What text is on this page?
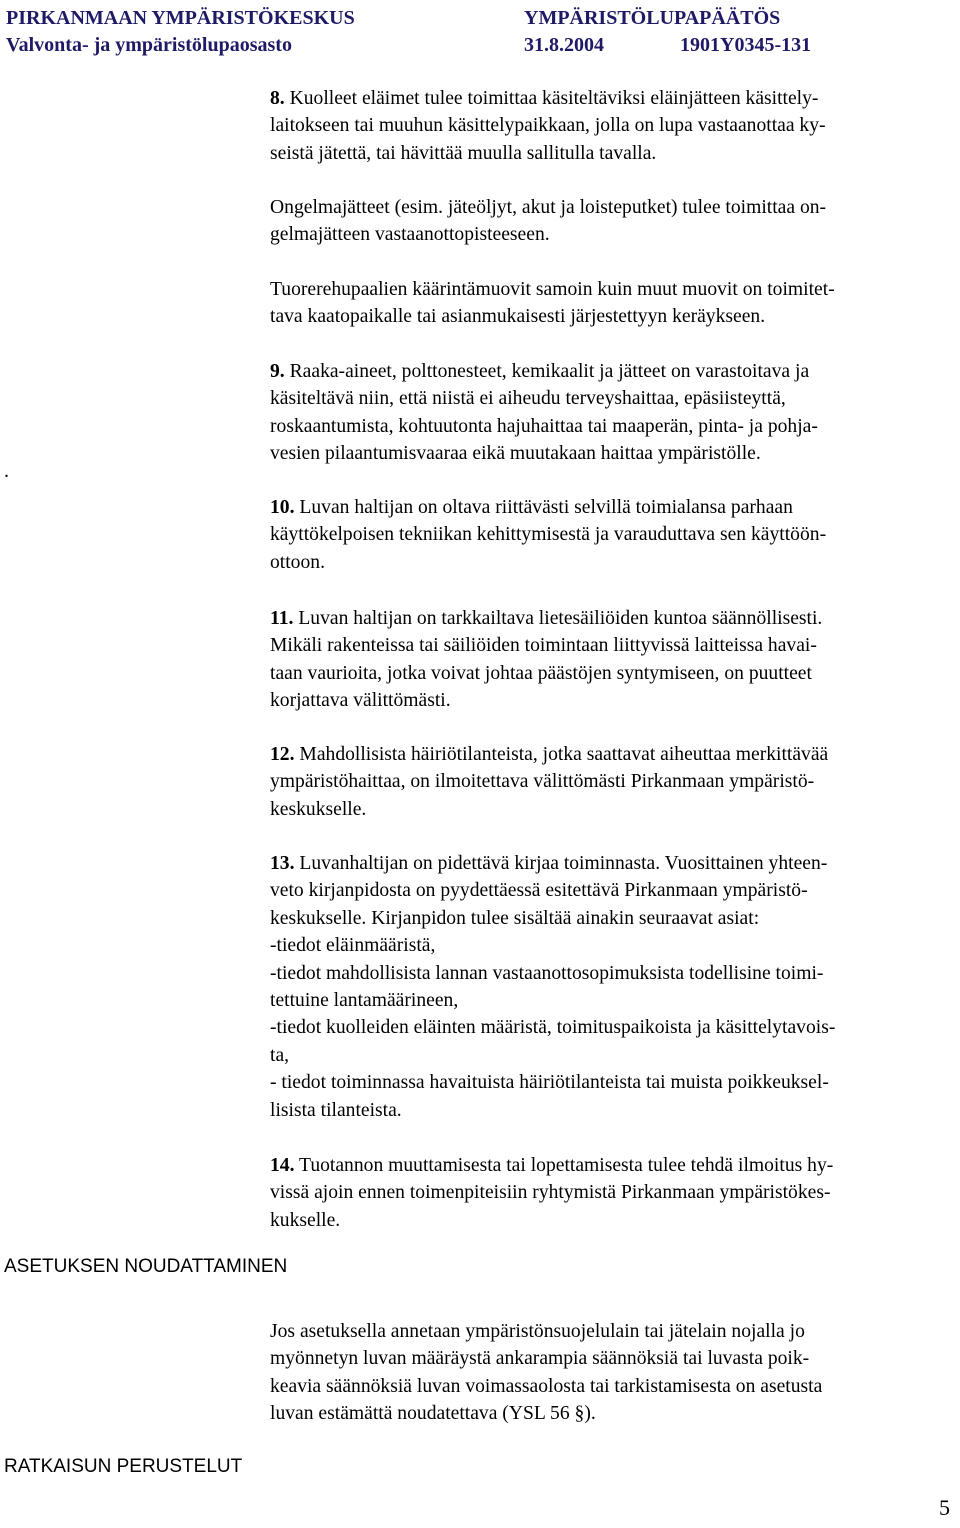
PIRKANMAAN YMPÄRISTÖKESKUS	YMPÄRISTÖLUPAPÄÄTÖS
Valvonta- ja ympäristölupaosasto	31.8.2004	1901Y0345-131
8. Kuolleet eläimet tulee toimittaa käsiteltäviksi eläinjätteen käsittely-
laitokseen tai muuhun käsittelypaikkaan, jolla on lupa vastaanottaa ky-
seistä jätettä, tai hävittää muulla sallitulla tavalla.
Ongelmajätteet (esim. jäteöljyt, akut ja loisteputket) tulee toimittaa on-
gelmajätteen vastaanottopisteeseen.
Tuorerehupaalien käärintämuovit samoin kuin muut muovit on toimitet-
tava kaatopaikalle tai asianmukaisesti järjestettyyn keräykseen.
9. Raaka-aineet, polttonesteet, kemikaalit ja jätteet on varastoitava ja
käsiteltävä niin, että niistä ei aiheudu terveyshaittaa, epäsiisteyttä,
roskaantumista, kohtuutonta hajuhaittaa tai maaperän, pinta- ja pohja-
vesien pilaantumisvaaraa eikä muutakaan haittaa ympäristölle.
10. Luvan haltijan on oltava riittävästi selvillä toimialansa parhaan
käyttökelpoisen tekniikan kehittymisestä ja varauduttava sen käyttöön-
ottoon.
11. Luvan haltijan on tarkkailtava lietesäiliöiden kuntoa säännöllisesti.
Mikäli rakenteissa tai säiliöiden toimintaan liittyvissä laitteissa havai-
taan vaurioita, jotka voivat johtaa päästöjen syntymiseen, on puutteet
korjattava välittömästi.
12. Mahdollisista häiriötilanteista, jotka saattavat aiheuttaa merkittävää
ympäristöhaittaa, on ilmoitettava välittömästi Pirkanmaan ympäristö-
keskukselle.
13. Luvanhaltijan on pidettävä kirjaa toiminnasta. Vuosittainen yhteen-
veto kirjanpidosta on pyydettäessä esitettävä Pirkanmaan ympäristö-
keskukselle. Kirjanpidon tulee sisältää ainakin seuraavat asiat:
-tiedot eläinmääristä,
-tiedot mahdollisista lannan vastaanottosopimuksista todellisine toimi-
tettuine lantamäärineen,
-tiedot kuolleiden eläinten määristä, toimituspaikoista ja käsittelytavois-
ta,
- tiedot toiminnassa havaituista häiriötilanteista tai muista poikkeuksel-
lisista tilanteista.
14. Tuotannon muuttamisesta tai lopettamisesta tulee tehdä ilmoitus hy-
vissä ajoin ennen toimenpiteisiin ryhtymistä Pirkanmaan ympäristökes-
kukselle.
Jos asetuksella annetaan ympäristönsuojelulain tai jätelain nojalla jo
myönnetyn luvan määräystä ankarampia säännöksiä tai luvasta poik-
keavia säännöksiä luvan voimassaolosta tai tarkistamisesta on asetusta
luvan estämättä noudatettava (YSL 56 §).
.
ASETUKSEN NOUDATTAMINEN
RATKAISUN PERUSTELUT
5
